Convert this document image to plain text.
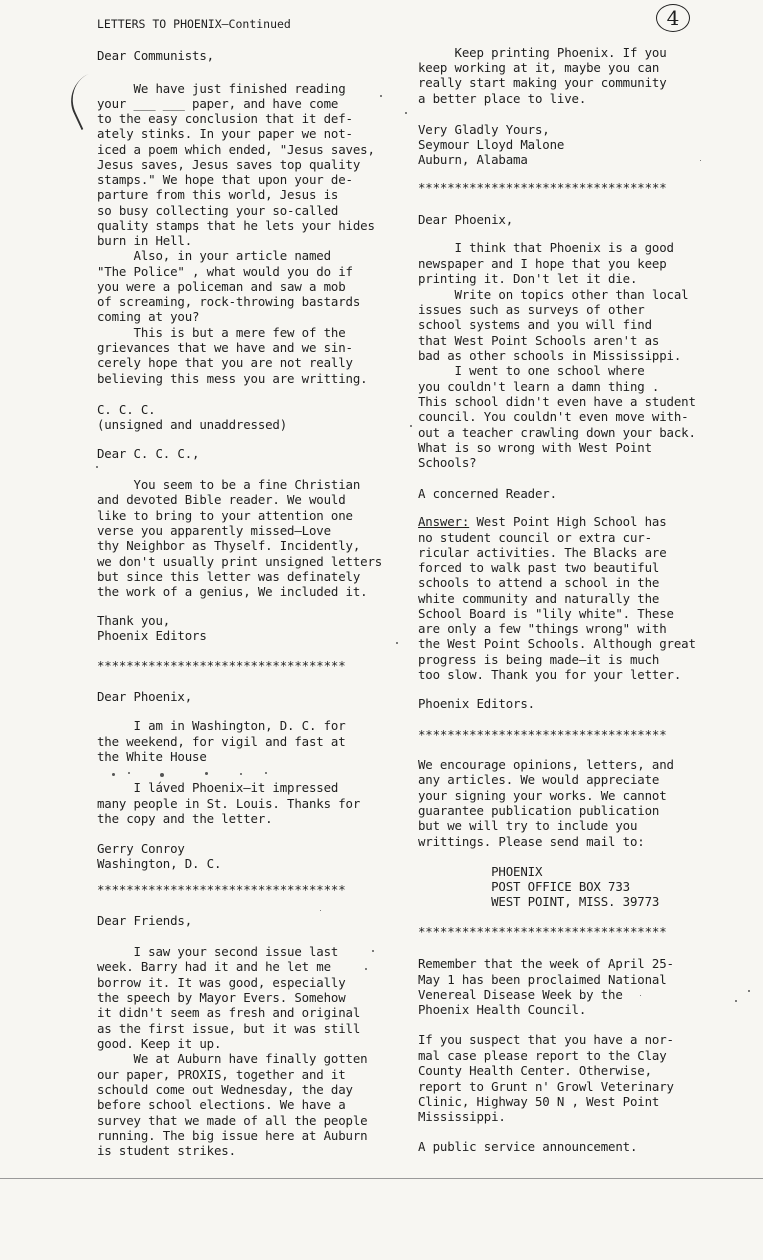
4
LETTERS TO PHOENIX—Continued
Dear Communists,
We have just finished reading
your ___ ___ paper, and have come
to the easy conclusion that it def-
ately stinks. In your paper we not-
iced a poem which ended, "Jesus saves,
Jesus saves, Jesus saves top quality
stamps." We hope that upon your de-
parture from this world, Jesus is
so busy collecting your so-called
quality stamps that he lets your hides
burn in Hell.
Also, in your article named
"The Police" , what would you do if
you were a policeman and saw a mob
of screaming, rock-throwing bastards
coming at you?
This is but a mere few of the
grievances that we have and we sin-
cerely hope that you are not really
believing this mess you are writting.
C. C. C.
(unsigned and unaddressed)
Dear C. C. C.,
You seem to be a fine Christian
and devoted Bible reader. We would
like to bring to your attention one
verse you apparently missed—Love
thy Neighbor as Thyself. Incidently,
we don't usually print unsigned letters
but since this letter was definately
the work of a genius, We included it.
Thank you,
Phoenix Editors
**********************************
Dear Phoenix,
I am in Washington, D. C. for
the weekend, for vigil and fast at
the White House
I láved Phoenix—it impressed
many people in St. Louis. Thanks for
the copy and the letter.
Gerry Conroy
Washington, D. C.
**********************************
Dear Friends,
I saw your second issue last
week. Barry had it and he let me
borrow it. It was good, especially
the speech by Mayor Evers. Somehow
it didn't seem as fresh and original
as the first issue, but it was still
good. Keep it up.
We at Auburn have finally gotten
our paper, PROXIS, together and it
schould come out Wednesday, the day
before school elections. We have a
survey that we made of all the people
running. The big issue here at Auburn
is student strikes.
Keep printing Phoenix. If you
keep working at it, maybe you can
really start making your community
a better place to live.
Very Gladly Yours,
Seymour Lloyd Malone
Auburn, Alabama
**********************************
Dear Phoenix,
I think that Phoenix is a good
newspaper and I hope that you keep
printing it. Don't let it die.
Write on topics other than local
issues such as surveys of other
school systems and you will find
that West Point Schools aren't as
bad as other schools in Mississippi.
I went to one school where
you couldn't learn a damn thing .
This school didn't even have a student
council. You couldn't even move with-
out a teacher crawling down your back.
What is so wrong with West Point
Schools?
A concerned Reader.
Answer: West Point High School has
no student council or extra cur-
ricular activities. The Blacks are
forced to walk past two beautiful
schools to attend a school in the
white community and naturally the
School Board is "lily white". These
are only a few "things wrong" with
the West Point Schools. Although great
progress is being made—it is much
too slow. Thank you for your letter.
Phoenix Editors.
**********************************
We encourage opinions, letters, and
any articles. We would appreciate
your signing your works. We cannot
guarantee publication publication
but we will try to include you
writtings. Please send mail to:
PHOENIX
POST OFFICE BOX 733
WEST POINT, MISS. 39773
**********************************
Remember that the week of April 25-
May 1 has been proclaimed National
Venereal Disease Week by the
Phoenix Health Council.
If you suspect that you have a nor-
mal case please report to the Clay
County Health Center. Otherwise,
report to Grunt n' Growl Veterinary
Clinic, Highway 50 N , West Point
Mississippi.
A public service announcement.
